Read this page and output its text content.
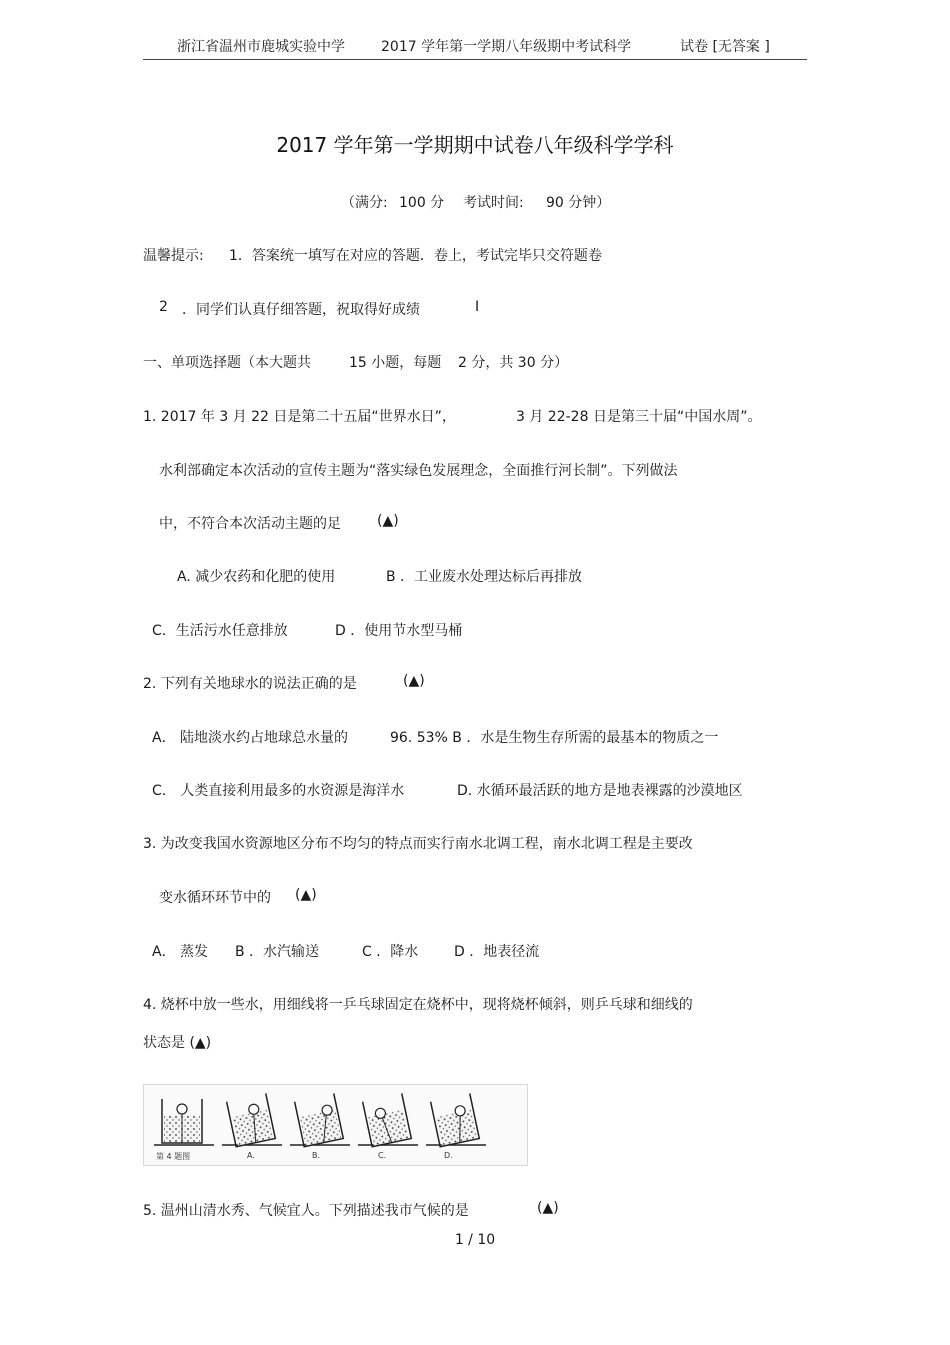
浙江省温州市鹿城实验中学	2017 学年第一学期八年级期中考试科学	试卷 [无答案 ]
2017 学年第一学期期中试卷八年级科学学科
（满分: 100 分 考试时间: 90 分钟）
温馨提示: 1．答案统一填写在对应的答题．卷上，考试完毕只交符题卷
2 ．同学们认真仔细答题，祝取得好成绩	I
一、单项选择题（本大题共	15 小题，每题 2 分，共 30 分）
1. 2017 年 3 月 22 日是第二十五届“世界水日”，	3 月 22-28 日是第三十届“中国水周”。
水利部确定本次活动的宣传主题为“落实绿色发展理念，全面推行河长制”。下列做法
中，不符合本次活动主题的足	(▲)
A. 减少农药和化肥的使用	B ．工业废水处理达标后再排放
C．生活污水任意排放	D ．使用节水型马桶
2. 下列有关地球水的说法正确的是	(▲)
A． 陆地淡水约占地球总水量的	96. 53% B ．水是生物生存所需的最基本的物质之一
C． 人类直接利用最多的水资源是海洋水	D. 水循环最活跃的地方是地表裸露的沙漠地区
3. 为改变我国水资源地区分布不均匀的特点而实行南水北调工程，南水北调工程是主要改
变水循环环节中的 (▲)
A． 蒸发 B ．水汽输送	C ．降水	D ．地表径流
4. 烧杯中放一些水，用细线将一乒乓球固定在烧杯中，现将烧杯倾斜，则乒乓球和细线的
状态是 (▲)
第 4 题图	A.	B.	C.	D.
5. 温州山清水秀、气候宜人。下列描述我市气候的是	(▲)
1 / 10
